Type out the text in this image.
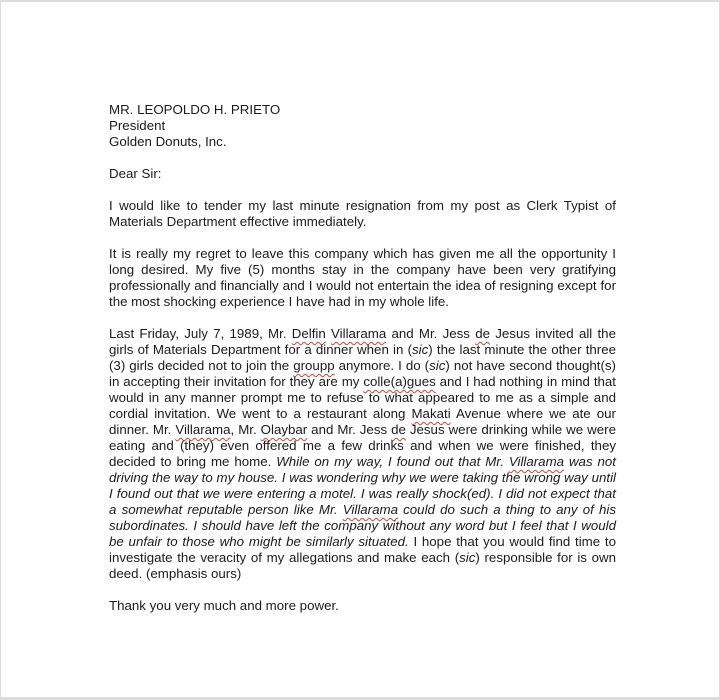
MR. LEOPOLDO H. PRIETO
President
Golden Donuts, Inc.
Dear Sir:

I would like to tender my last minute resignation from my post as Clerk Typist of Materials Department effective immediately.

It is really my regret to leave this company which has given me all the opportunity I long desired. My five (5) months stay in the company have been very gratifying professionally and financially and I would not entertain the idea of resigning except for the most shocking experience I have had in my whole life.

Last Friday, July 7, 1989, Mr. Delfin Villarama and Mr. Jess de Jesus invited all the girls of Materials Department for a dinner when in (sic) the last minute the other three (3) girls decided not to join the groupp anymore. I do (sic) not have second thought(s) in accepting their invitation for they are my colle(a)gues and I had nothing in mind that would in any manner prompt me to refuse to what appeared to me as a simple and cordial invitation. We went to a restaurant along Makati Avenue where we ate our dinner. Mr. Villarama, Mr. Olaybar and Mr. Jess de Jesus were drinking while we were eating and (they) even offered me a few drinks and when we were finished, they decided to bring me home. While on my way, I found out that Mr. Villarama was not driving the way to my house. I was wondering why we were taking the wrong way until I found out that we were entering a motel. I was really shock(ed). I did not expect that a somewhat reputable person like Mr. Villarama could do such a thing to any of his subordinates. I should have left the company without any word but I feel that I would be unfair to those who might be similarly situated. I hope that you would find time to investigate the veracity of my allegations and make each (sic) responsible for is own deed. (emphasis ours)

Thank you very much and more power.
